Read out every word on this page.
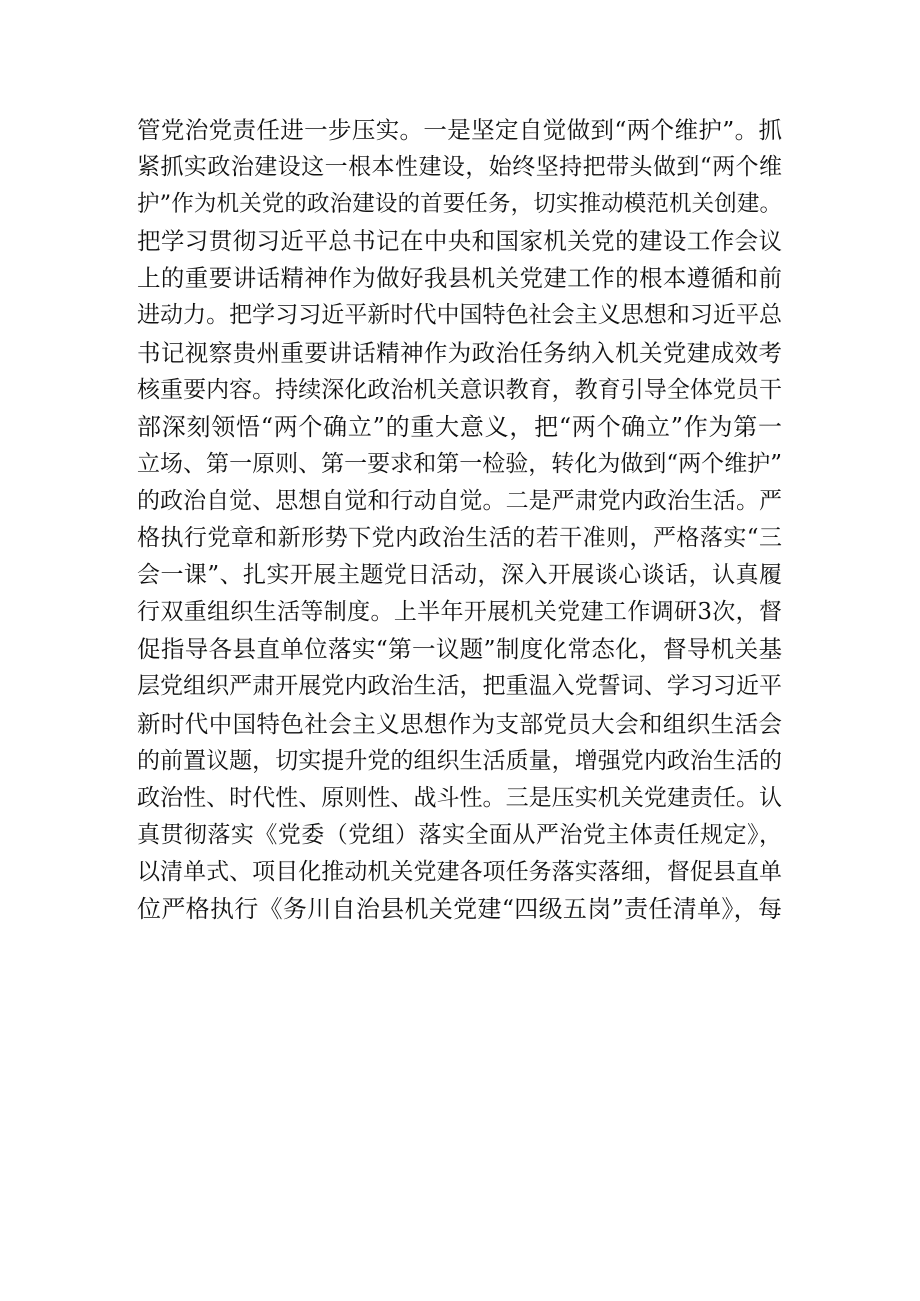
管党治党责任进一步压实。一是坚定自觉做到“两个维护”。抓
紧抓实政治建设这一根本性建设，始终坚持把带头做到“两个维
护”作为机关党的政治建设的首要任务，切实推动模范机关创建。
把学习贯彻习近平总书记在中央和国家机关党的建设工作会议
上的重要讲话精神作为做好我县机关党建工作的根本遵循和前
进动力。把学习习近平新时代中国特色社会主义思想和习近平总
书记视察贵州重要讲话精神作为政治任务纳入机关党建成效考
核重要内容。持续深化政治机关意识教育，教育引导全体党员干
部深刻领悟“两个确立”的重大意义，把“两个确立”作为第一
立场、第一原则、第一要求和第一检验，转化为做到“两个维护”
的政治自觉、思想自觉和行动自觉。二是严肃党内政治生活。严
格执行党章和新形势下党内政治生活的若干准则，严格落实“三
会一课”、扎实开展主题党日活动，深入开展谈心谈话，认真履
行双重组织生活等制度。上半年开展机关党建工作调研3次，督
促指导各县直单位落实“第一议题”制度化常态化，督导机关基
层党组织严肃开展党内政治生活，把重温入党誓词、学习习近平
新时代中国特色社会主义思想作为支部党员大会和组织生活会
的前置议题，切实提升党的组织生活质量，增强党内政治生活的
政治性、时代性、原则性、战斗性。三是压实机关党建责任。认
真贯彻落实《党委（党组）落实全面从严治党主体责任规定》，
以清单式、项目化推动机关党建各项任务落实落细，督促县直单
位严格执行《务川自治县机关党建“四级五岗”责任清单》，每
